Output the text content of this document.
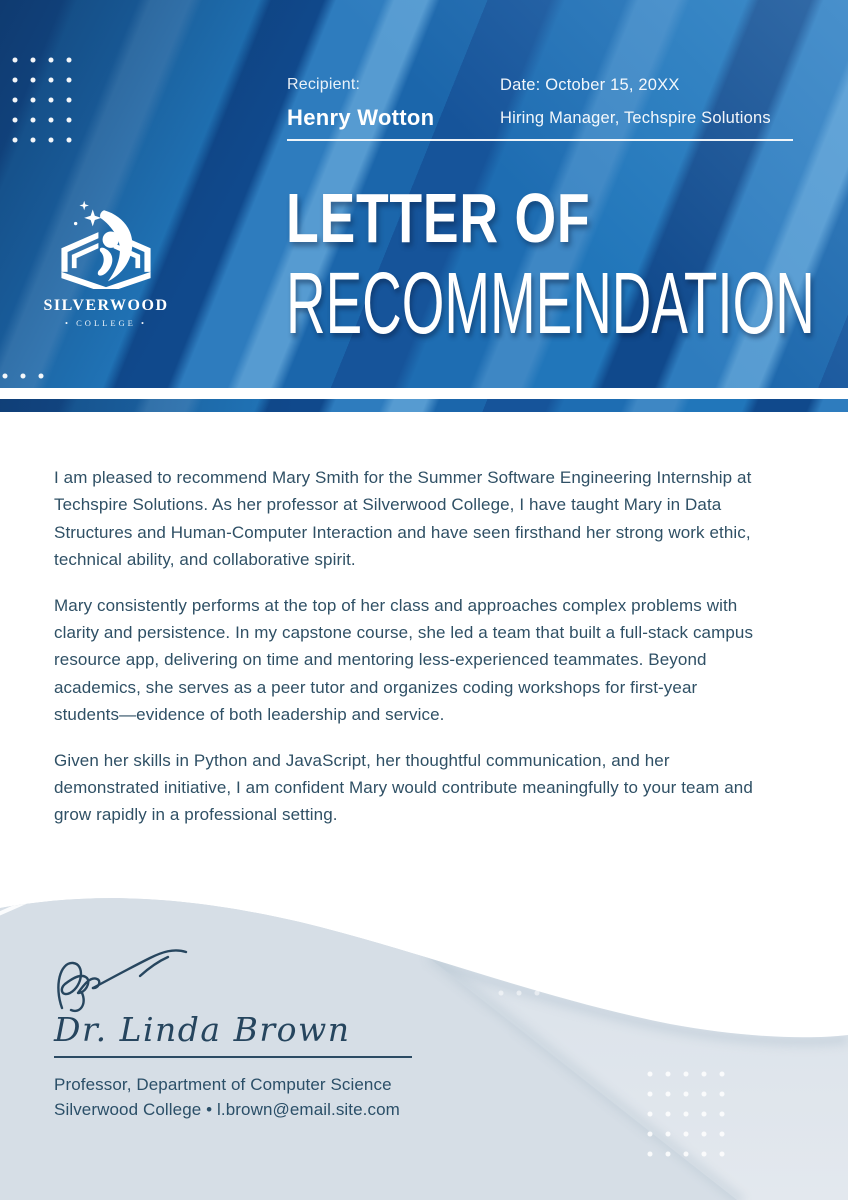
Recipient:
Henry Wotton
Date: October 15, 20XX
Hiring Manager, Techspire Solutions
LETTER OF
RECOMMENDATION
SILVERWOOD
• COLLEGE •

I am pleased to recommend Mary Smith for the Summer Software Engineering Internship at Techspire Solutions. As her professor at Silverwood College, I have taught Mary in Data Structures and Human-Computer Interaction and have seen firsthand her strong work ethic, technical ability, and collaborative spirit.

Mary consistently performs at the top of her class and approaches complex problems with clarity and persistence. In my capstone course, she led a team that built a full-stack campus resource app, delivering on time and mentoring less-experienced teammates. Beyond academics, she serves as a peer tutor and organizes coding workshops for first-year students—evidence of both leadership and service.

Given her skills in Python and JavaScript, her thoughtful communication, and her demonstrated initiative, I am confident Mary would contribute meaningfully to your team and grow rapidly in a professional setting.

Dr. Linda Brown
Professor, Department of Computer Science
Silverwood College • l.brown@email.site.com
